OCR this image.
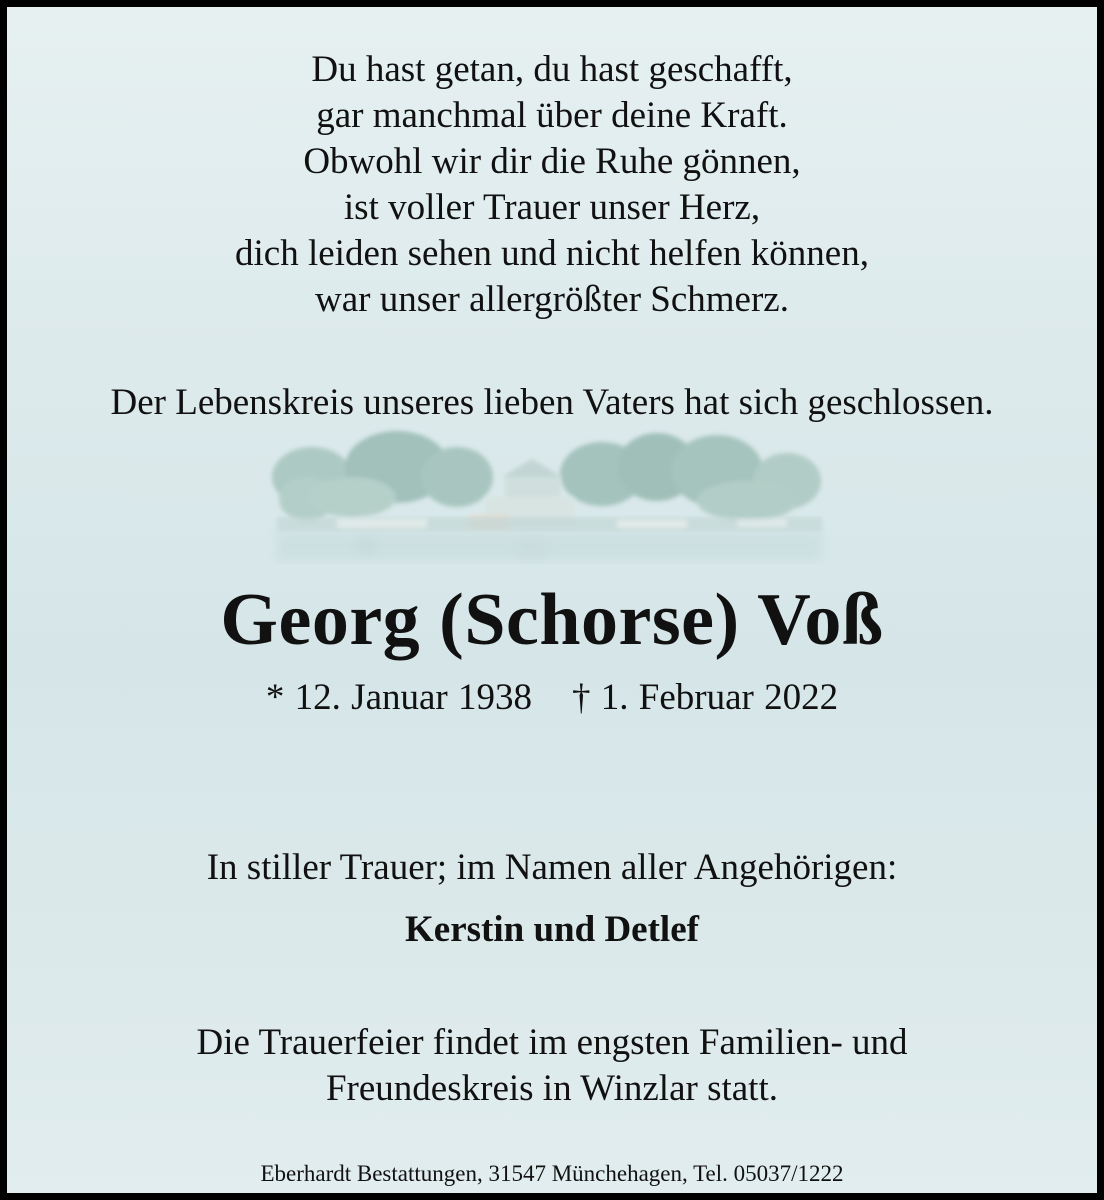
Du hast getan, du hast geschafft,
gar manchmal über deine Kraft.
Obwohl wir dir die Ruhe gönnen,
ist voller Trauer unser Herz,
dich leiden sehen und nicht helfen können,
war unser allergrößter Schmerz.
Der Lebenskreis unseres lieben Vaters hat sich geschlossen.
Georg (Schorse) Voß
* 12. Januar 1938 † 1. Februar 2022
In stiller Trauer; im Namen aller Angehörigen:
Kerstin und Detlef
Die Trauerfeier findet im engsten Familien- und
Freundeskreis in Winzlar statt.
Eberhardt Bestattungen, 31547 Münchehagen, Tel. 05037/1222
